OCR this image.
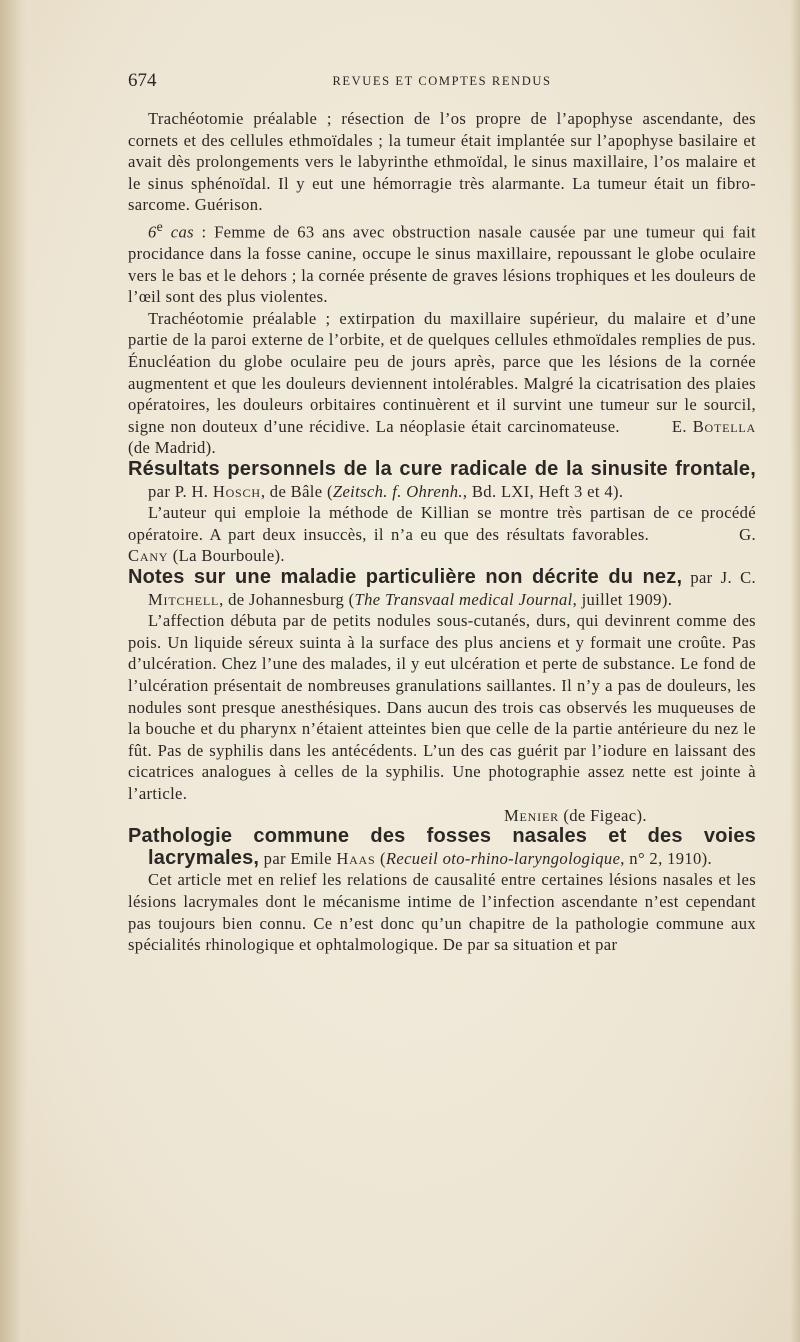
674	REVUES ET COMPTES RENDUS

Trachéotomie préalable ; résection de l’os propre de l’apophyse ascendante, des cornets et des cellules ethmoïdales ; la tumeur était implantée sur l’apophyse basilaire et avait dès prolongements vers le labyrinthe ethmoïdal, le sinus maxillaire, l’os malaire et le sinus sphénoïdal. Il y eut une hémorragie très alarmante. La tumeur était un fibro-sarcome. Guérison.

6e cas : Femme de 63 ans avec obstruction nasale causée par une tumeur qui fait procidance dans la fosse canine, occupe le sinus maxillaire, repoussant le globe oculaire vers le bas et le dehors ; la cornée présente de graves lésions trophiques et les douleurs de l’œil sont des plus violentes.

Trachéotomie préalable ; extirpation du maxillaire supérieur, du malaire et d’une partie de la paroi externe de l’orbite, et de quelques cellules ethmoïdales remplies de pus. Énucléation du globe oculaire peu de jours après, parce que les lésions de la cornée augmentent et que les douleurs deviennent intolérables. Malgré la cicatrisation des plaies opératoires, les douleurs orbitaires continuèrent et il survint une tumeur sur le sourcil, signe non douteux d’une récidive. La néoplasie était carcinomateuse.	E. Botella (de Madrid).

Résultats personnels de la cure radicale de la sinusite frontale, par P. H. Hosch, de Bâle (Zeitsch. f. Ohrenh., Bd. LXI, Heft 3 et 4).

L’auteur qui emploie la méthode de Killian se montre très partisan de ce procédé opératoire. A part deux insuccès, il n’a eu que des résultats favorables.	G. Cany (La Bourboule).

Notes sur une maladie particulière non décrite du nez, par J. C. Mitchell, de Johannesburg (The Transvaal medical Journal, juillet 1909).

L’affection débuta par de petits nodules sous-cutanés, durs, qui devinrent comme des pois. Un liquide séreux suinta à la surface des plus anciens et y formait une croûte. Pas d’ulcération. Chez l’une des malades, il y eut ulcération et perte de substance. Le fond de l’ulcération présentait de nombreuses granulations saillantes. Il n’y a pas de douleurs, les nodules sont presque anesthésiques. Dans aucun des trois cas observés les muqueuses de la bouche et du pharynx n’étaient atteintes bien que celle de la partie antérieure du nez le fût. Pas de syphilis dans les antécédents. L’un des cas guérit par l’iodure en laissant des cicatrices analogues à celles de la syphilis. Une photographie assez nette est jointe à l’article.

Menier (de Figeac).

Pathologie commune des fosses nasales et des voies lacrymales, par Emile Haas (Recueil oto-rhino-laryngologique, n° 2, 1910).

Cet article met en relief les relations de causalité entre certaines lésions nasales et les lésions lacrymales dont le mécanisme intime de l’infection ascendante n’est cependant pas toujours bien connu. Ce n’est donc qu’un chapitre de la pathologie commune aux spécialités rhinologique et ophtalmologique. De par sa situation et par
